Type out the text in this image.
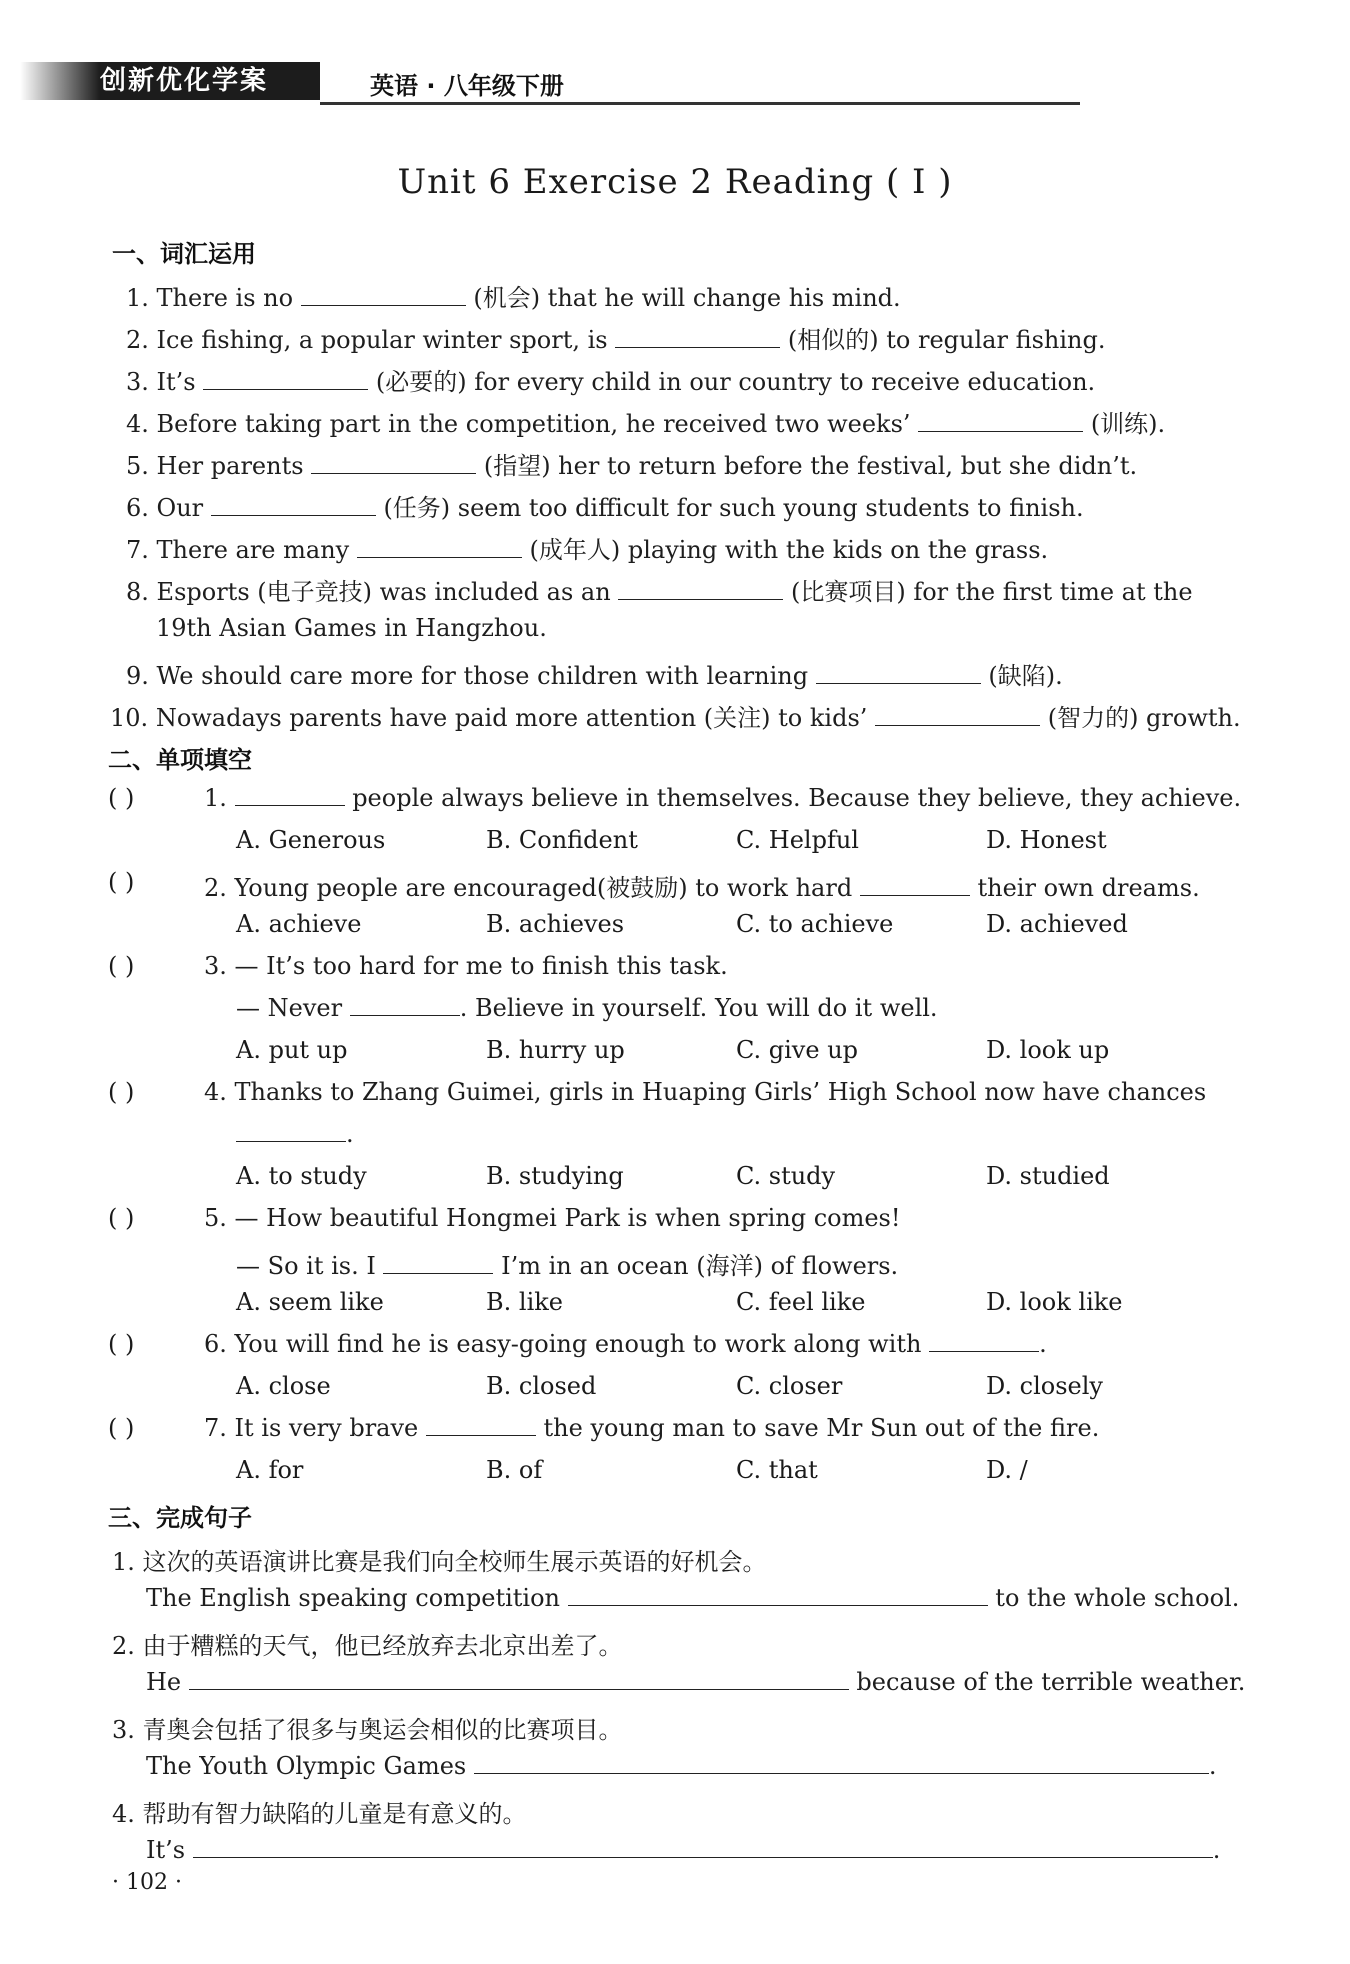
创新优化学案	英语 · 八年级下册
Unit 6 Exercise 2 Reading ( Ⅰ )
一、词汇运用
1. There is no	(机会) that he will change his mind.
2. Ice fishing, a popular winter sport, is	(相似的) to regular fishing.
3. It’s	(必要的) for every child in our country to receive education.
4. Before taking part in the competition, he received two weeks’	(训练).
5. Her parents	(指望) her to return before the festival, but she didn’t.
6. Our	(任务) seem too difficult for such young students to finish.
7. There are many	(成年人) playing with the kids on the grass.
8. Esports (电子竞技) was included as an	(比赛项目) for the first time at the
19th Asian Games in Hangzhou.
9. We should care more for those children with learning	(缺陷).
10. Nowadays parents have paid more attention (关注) to kids’	(智力的) growth.
二、单项填空
( )	1.	people always believe in themselves. Because they believe, they achieve.
A. Generous	B. Confident	C. Helpful	D. Honest
( )	2. Young people are encouraged(被鼓励) to work hard	their own dreams.
A. achieve	B. achieves	C. to achieve	D. achieved
( )	3. — It’s too hard for me to finish this task.
— Never	. Believe in yourself. You will do it well.
A. put up	B. hurry up	C. give up	D. look up
( )	4. Thanks to Zhang Guimei, girls in Huaping Girls’ High School now have chances
.
A. to study	B. studying	C. study	D. studied
( )	5. — How beautiful Hongmei Park is when spring comes!
— So it is. I	I’m in an ocean (海洋) of flowers.
A. seem like	B. like	C. feel like	D. look like
( )	6. You will find he is easy-going enough to work along with	.
A. close	B. closed	C. closer	D. closely
( )	7. It is very brave	the young man to save Mr Sun out of the fire.
A. for	B. of	C. that	D. /
三、完成句子
1. 这次的英语演讲比赛是我们向全校师生展示英语的好机会。
The English speaking competition	to the whole school.
2. 由于糟糕的天气，他已经放弃去北京出差了。
He	because of the terrible weather.
3. 青奥会包括了很多与奥运会相似的比赛项目。
The Youth Olympic Games	.
4. 帮助有智力缺陷的儿童是有意义的。
It’s	.
· 102 ·
